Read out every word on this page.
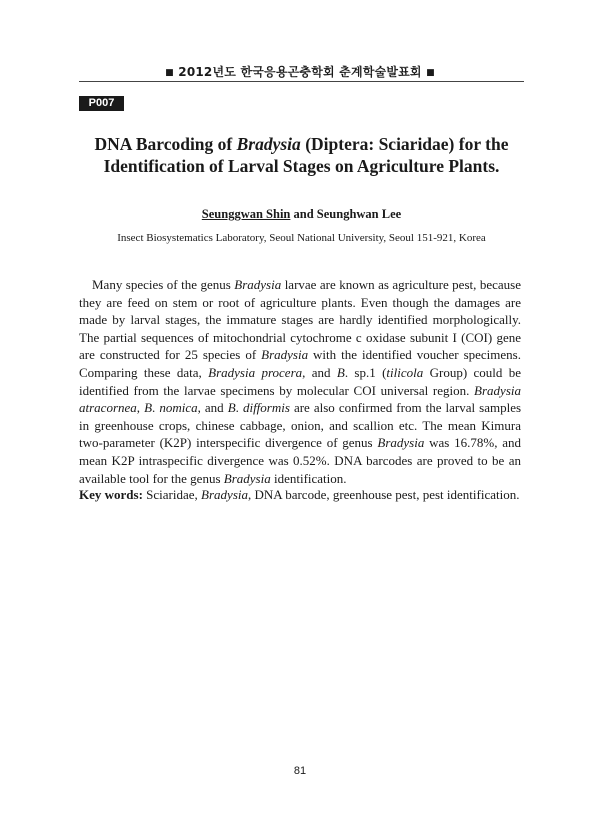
■ 2012년도 한국응용곤충학회 춘계학술발표회 ■
P007
DNA Barcoding of Bradysia (Diptera: Sciaridae) for the
Identification of Larval Stages on Agriculture Plants.
Seunggwan Shin and Seunghwan Lee
Insect Biosystematics Laboratory, Seoul National University, Seoul 151-921, Korea

Many species of the genus Bradysia larvae are known as agriculture pest, because they are feed on stem or root of agriculture plants. Even though the damages are made by larval stages, the immature stages are hardly identified morphologically. The partial sequences of mitochondrial cytochrome c oxidase subunit I (COI) gene are constructed for 25 species of Bradysia with the identified voucher specimens. Comparing these data, Bradysia procera, and B. sp.1 (tilicola Group) could be identified from the larvae specimens by molecular COI universal region. Bradysia atracornea, B. nomica, and B. difformis are also confirmed from the larval samples in greenhouse crops, chinese cabbage, onion, and scallion etc. The mean Kimura two-parameter (K2P) interspecific divergence of genus Bradysia was 16.78%, and mean K2P intraspecific divergence was 0.52%. DNA barcodes are proved to be an available tool for the genus Bradysia identification.

Key words: Sciaridae, Bradysia, DNA barcode, greenhouse pest, pest identification.

81
